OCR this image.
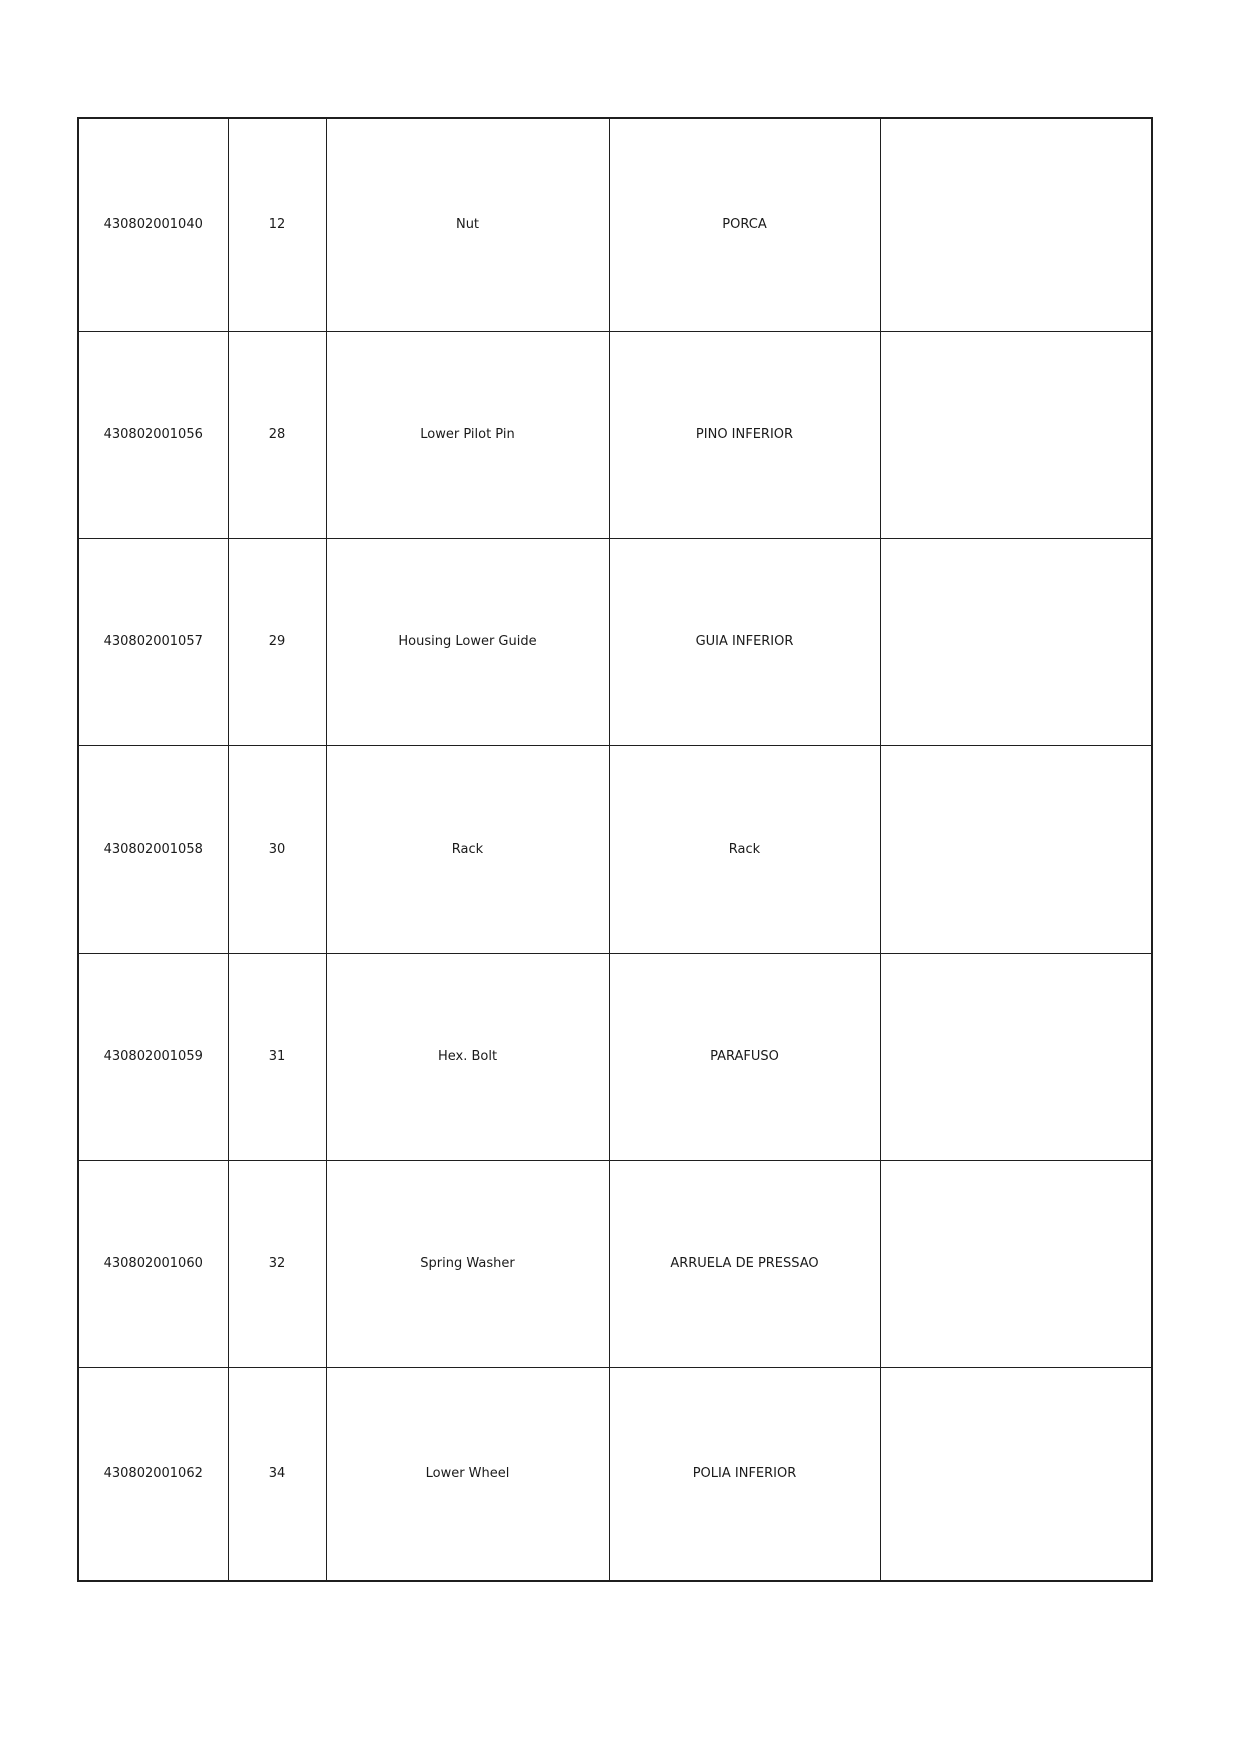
430802001040	12	Nut	PORCA	
430802001056	28	Lower Pilot Pin	PINO INFERIOR	
430802001057	29	Housing Lower Guide	GUIA INFERIOR	
430802001058	30	Rack	Rack	
430802001059	31	Hex. Bolt	PARAFUSO	
430802001060	32	Spring Washer	ARRUELA DE PRESSAO	
430802001062	34	Lower Wheel	POLIA INFERIOR	
